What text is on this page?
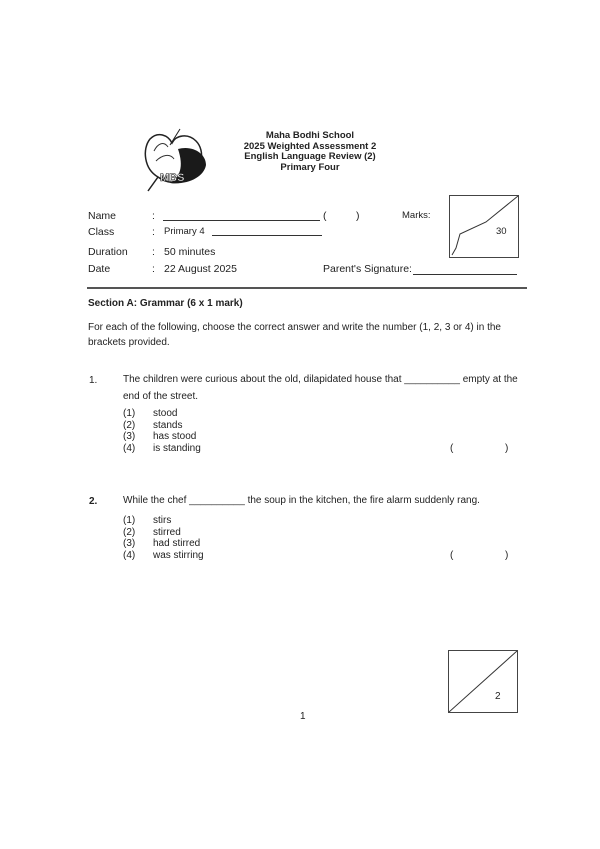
MBS
Maha Bodhi School
2025 Weighted Assessment 2
English Language Review (2)
Primary Four
Name	:	(	)	Marks:
Class	: Primary 4
Duration : 50 minutes
Date	: 22 August 2025	Parent's Signature:
30
Section A: Grammar (6 x 1 mark)
For each of the following, choose the correct answer and write the number (1, 2, 3 or 4) in the brackets provided.
1.	The children were curious about the old, dilapidated house that __________ empty at the end of the street.
(1) stood
(2) stands
(3) has stood
(4) is standing	(	)
2.	While the chef __________ the soup in the kitchen, the fire alarm suddenly rang.
(1) stirs
(2) stirred
(3) had stirred
(4) was stirring	(	)
2
1
